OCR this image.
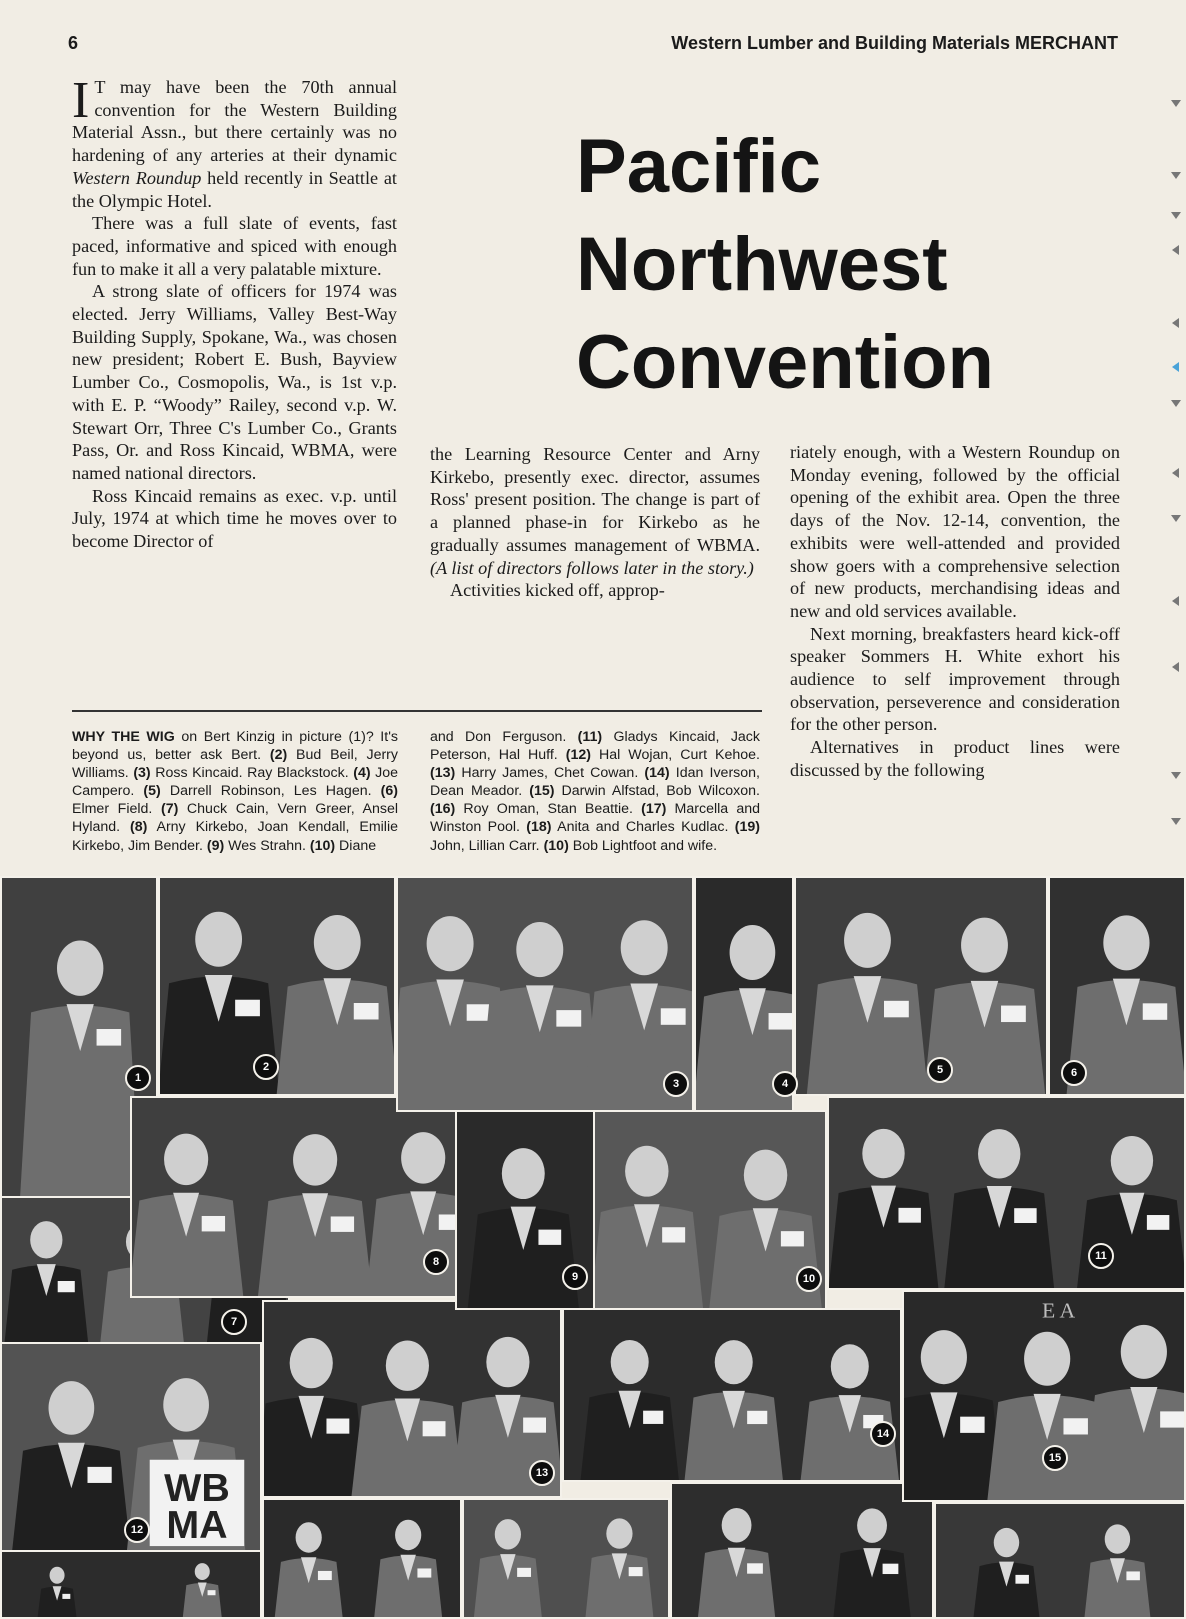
6	Western Lumber and Building Materials MERCHANT

I T may have been the 70th annual convention for the Western Building Material Assn., but there certainly was no hardening of any arteries at their dynamic Western Roundup held recently in Seattle at the Olympic Hotel.

There was a full slate of events, fast paced, informative and spiced with enough fun to make it all a very palatable mixture.

A strong slate of officers for 1974 was elected. Jerry Williams, Valley Best-Way Building Supply, Spokane, Wa., was chosen new president; Robert E. Bush, Bayview Lumber Co., Cosmopolis, Wa., is 1st v.p. with E. P. “Woody” Railey, second v.p. W. Stewart Orr, Three C's Lumber Co., Grants Pass, Or. and Ross Kincaid, WBMA, were named national directors.

Ross Kincaid remains as exec. v.p. until July, 1974 at which time he moves over to become Director of

Pacific
Northwest
Convention

the Learning Resource Center and Arny Kirkebo, presently exec. director, assumes Ross' present position. The change is part of a planned phase-in for Kirkebo as he gradually assumes management of WBMA. (A list of directors follows later in the story.)

Activities kicked off, approp-

riately enough, with a Western Roundup on Monday evening, followed by the official opening of the exhibit area. Open the three days of the Nov. 12-14, convention, the exhibits were well-attended and provided show goers with a comprehensive selection of new products, merchandising ideas and new and old services available.

Next morning, breakfasters heard kick-off speaker Sommers H. White exhort his audience to self improvement through observation, perseverence and consideration for the other person.

Alternatives in product lines were discussed by the following

WHY THE WIG on Bert Kinzig in picture (1)? It's beyond us, better ask Bert. (2) Bud Beil, Jerry Williams. (3) Ross Kincaid. Ray Blackstock. (4) Joe Campero. (5) Darrell Robinson, Les Hagen. (6) Elmer Field. (7) Chuck Cain, Vern Greer, Ansel Hyland. (8) Arny Kirkebo, Joan Kendall, Emilie Kirkebo, Jim Bender. (9) Wes Strahn. (10) Diane
and Don Ferguson. (11) Gladys Kincaid, Jack Peterson, Hal Huff. (12) Hal Wojan, Curt Kehoe. (13) Harry James, Chet Cowan. (14) Idan Iverson, Dean Meador. (15) Darwin Alfstad, Bob Wilcoxon. (16) Roy Oman, Stan Beattie. (17) Marcella and Winston Pool. (18) Anita and Charles Kudlac. (19) John, Lillian Carr. (10) Bob Lightfoot and wife.
WB
MA
E A
1
2
3	4
5	6
7
8
9	10
11
12
13
14
15
